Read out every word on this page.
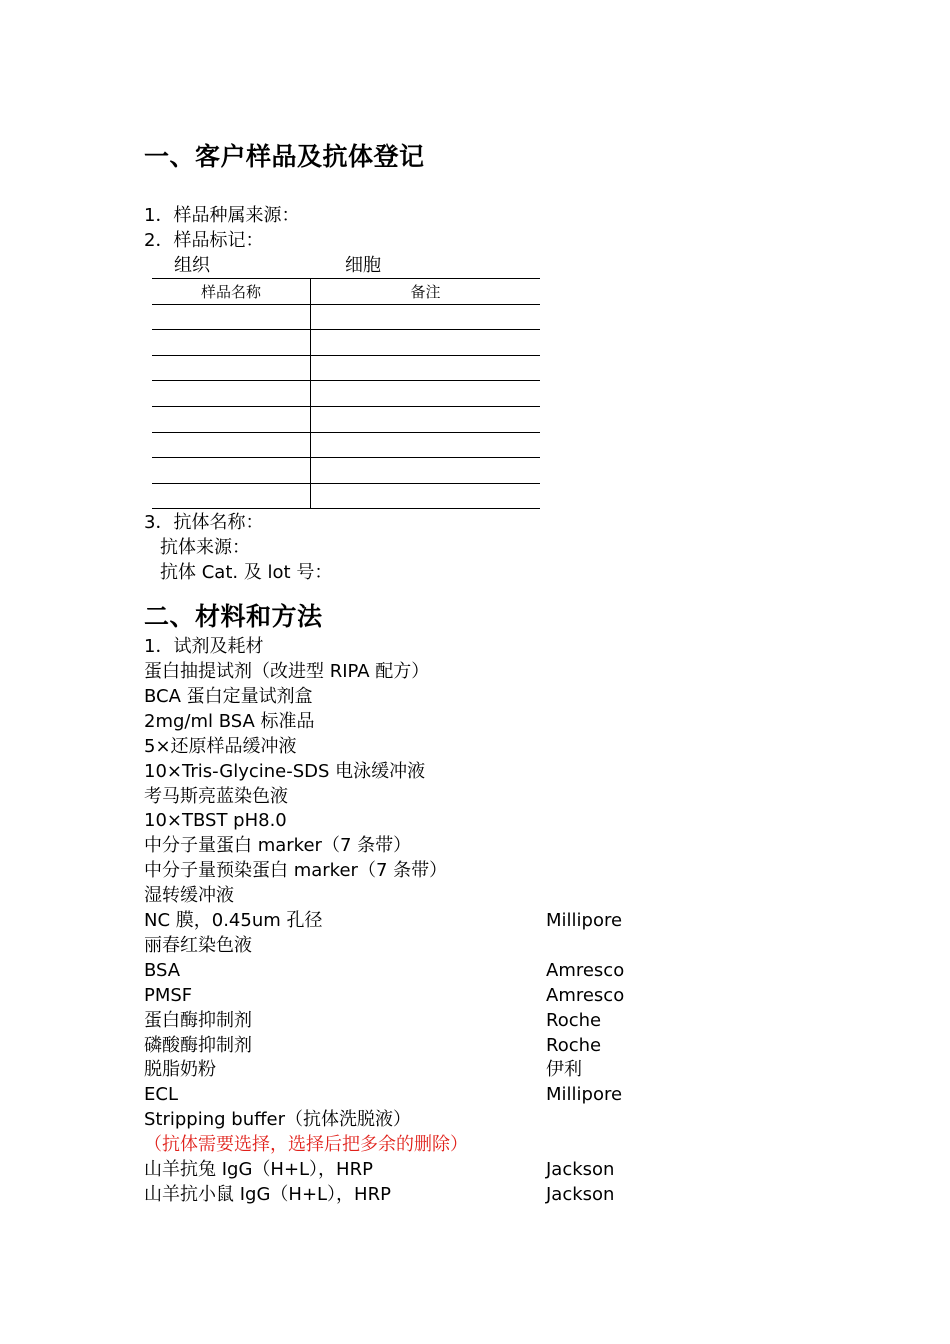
一、客户样品及抗体登记
1．样品种属来源：
2．样品标记：
组织	细胞
样品名称	备注

3．抗体名称：
抗体来源：
抗体 Cat. 及 lot 号：
二、材料和方法
1．试剂及耗材
蛋白抽提试剂（改进型 RIPA 配方）
BCA 蛋白定量试剂盒
2mg/ml BSA 标准品
5×还原样品缓冲液
10×Tris-Glycine-SDS 电泳缓冲液
考马斯亮蓝染色液
10×TBST pH8.0
中分子量蛋白 marker（7 条带）
中分子量预染蛋白 marker（7 条带）
湿转缓冲液
NC 膜，0.45um 孔径	Millipore
丽春红染色液
BSA	Amresco
PMSF	Amresco
蛋白酶抑制剂	Roche
磷酸酶抑制剂	Roche
脱脂奶粉	伊利
ECL	Millipore
Stripping buffer（抗体洗脱液）
（抗体需要选择，选择后把多余的删除）
山羊抗兔 IgG（H+L），HRP	Jackson
山羊抗小鼠 IgG（H+L），HRP	Jackson
